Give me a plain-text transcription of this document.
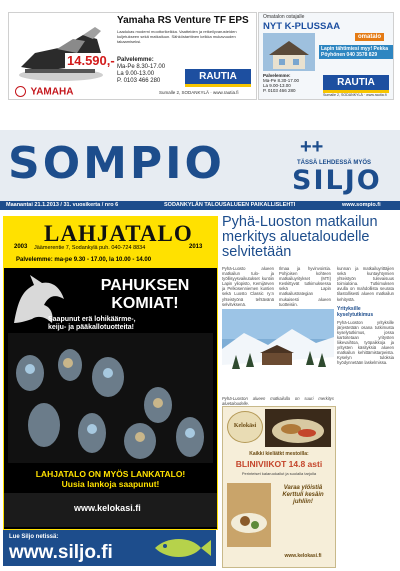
Yamaha RS Venture TF EPS
Laadukas moderni moottorikelkka. Vaatteiden ja retkeilyvarusteiden kuljetukseen sekä matkailuun. Sähköstarttinen kelkka mukavuuden takaamiseksi.
14.590,-
YAMAHA
Palvelemme:
Ma-Pe 8.30-17.00
La 9.00-13.00
P. 0103 466 280	RAUTIA
Sumalle 2, SODANKYLÄ · www.rautia.fi
Omatalon ostajalle
NYT K-PLUSSAA
omatalo
Lapin tähtimiesi myy! Pekka Pöyhönen 040 3578 829
Palvelemme:
Ma-Pe 8.30-17.00
La 9.00-13.00
P. 0103 466 280
RAUTIA
Sumalle 2, SODANKYLÄ · www.rautia.fi
SOMPIO	++
TÄSSÄ LEHDESSÄ MYÖS
SILJO
Maanantai 21.1.2013 / 31. vuosikerta / nro 6	SODANKYLÄN TALOUSALUEEN PAIKALLISLEHTI	www.sompio.fi
2003
LAHJATALO
2013
Jäämerentie 7, Sodankylä puh. 040-724 8834
Palvelemme: ma-pe 9.30 - 17.00, la 10.00 - 14.00
PAHUKSEN KOMIAT!
Saapunut erä lohikäärme-,
keiju- ja pääkallotuotteita!
LAHJATALO ON MYÖS LANKATALO!
Uusia lankoja saapunut!
www.kelokasi.fi
Lue Siljo netissä:
www.siljo.fi
Pyhä-Luoston matkailun merkitys aluetaloudelle selvitetään
Pyhä-Luosto alueen matkailun tulo- ja työllisyysvaikutukset kuntiin Lapin yliopisto, Kemijärven ja Pelkosenniemen kuntien sekä Luosto Classic ry:n yhteistyönä tehtävänä selvityksenä.
Ilmaa ja hyvinvointia. Pohjoisen kohteen matkailuyritykset (MTI) Keskittyvät tutkimuksessa sekä Lapin matkailustrategian mukaisesti alueen tuotteisiin.
kunnan ja matkailuyrittäjien sekä kuntayhtymien yhteistyön tulevaisuus toimialoina. Tutkimuksen avulla on mahdollista seurata tilastollisesti alueen matkailun kehitystä.
Yrityksille kyselytutkimus
Pyhä-Luoston yrityksille järjestetään osana tutkimusta kyselytutkimus, jossa kartoitetaan yritysten liikevaihtoa, työpaikkoja ja yritysten käsityksiä alueen matkailun kehittämistarpeista. Kyselyn tuloksia hyödynnetään laskelmissa.
Pyhä-Luoston alueen matkailulla on suuri merkitys aluetaloudelle.
Kelokäsi
Kaikki kieliätkt mestoilla:
BLINIVIIKOT 14.8 asti
Perinteiset kalaruokailut ja suolalla tarjolla
Varaa ylöistiä Kerttuli kesäin juhliin!
www.kelokasi.fi
